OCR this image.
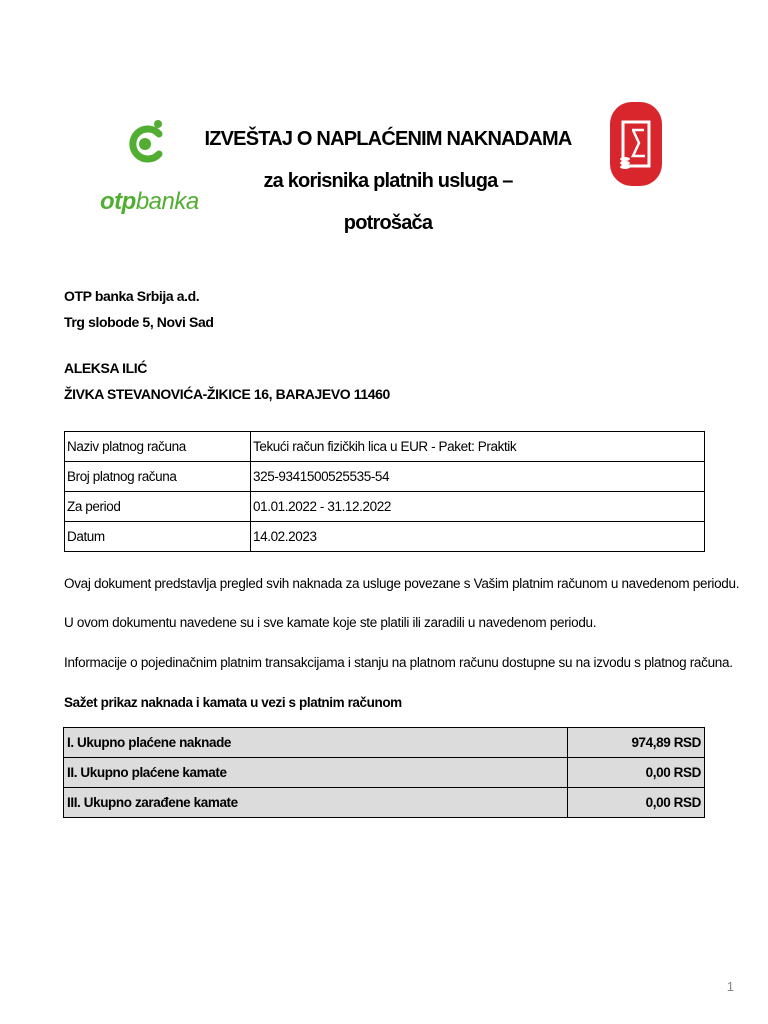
otpbanka
IZVEŠTAJ O NAPLAĆENIM NAKNADAMA
za korisnika platnih usluga –
potrošača
OTP banka Srbija a.d.
Trg slobode 5, Novi Sad
ALEKSA ILIĆ
ŽIVKA STEVANOVIĆA-ŽIKICE 16, BARAJEVO 11460
Naziv platnog računa	Tekući račun fizičkih lica u EUR - Paket: Praktik
Broj platnog računa	325-9341500525535-54
Za period	01.01.2022 - 31.12.2022
Datum	14.02.2023
Ovaj dokument predstavlja pregled svih naknada za usluge povezane s Vašim platnim računom u navedenom periodu.
U ovom dokumentu navedene su i sve kamate koje ste platili ili zaradili u navedenom periodu.
Informacije o pojedinačnim platnim transakcijama i stanju na platnom računu dostupne su na izvodu s platnog računa.
Sažet prikaz naknada i kamata u vezi s platnim računom
I. Ukupno plaćene naknade	974,89 RSD
II. Ukupno plaćene kamate	0,00 RSD
III. Ukupno zarađene kamate	0,00 RSD
1
